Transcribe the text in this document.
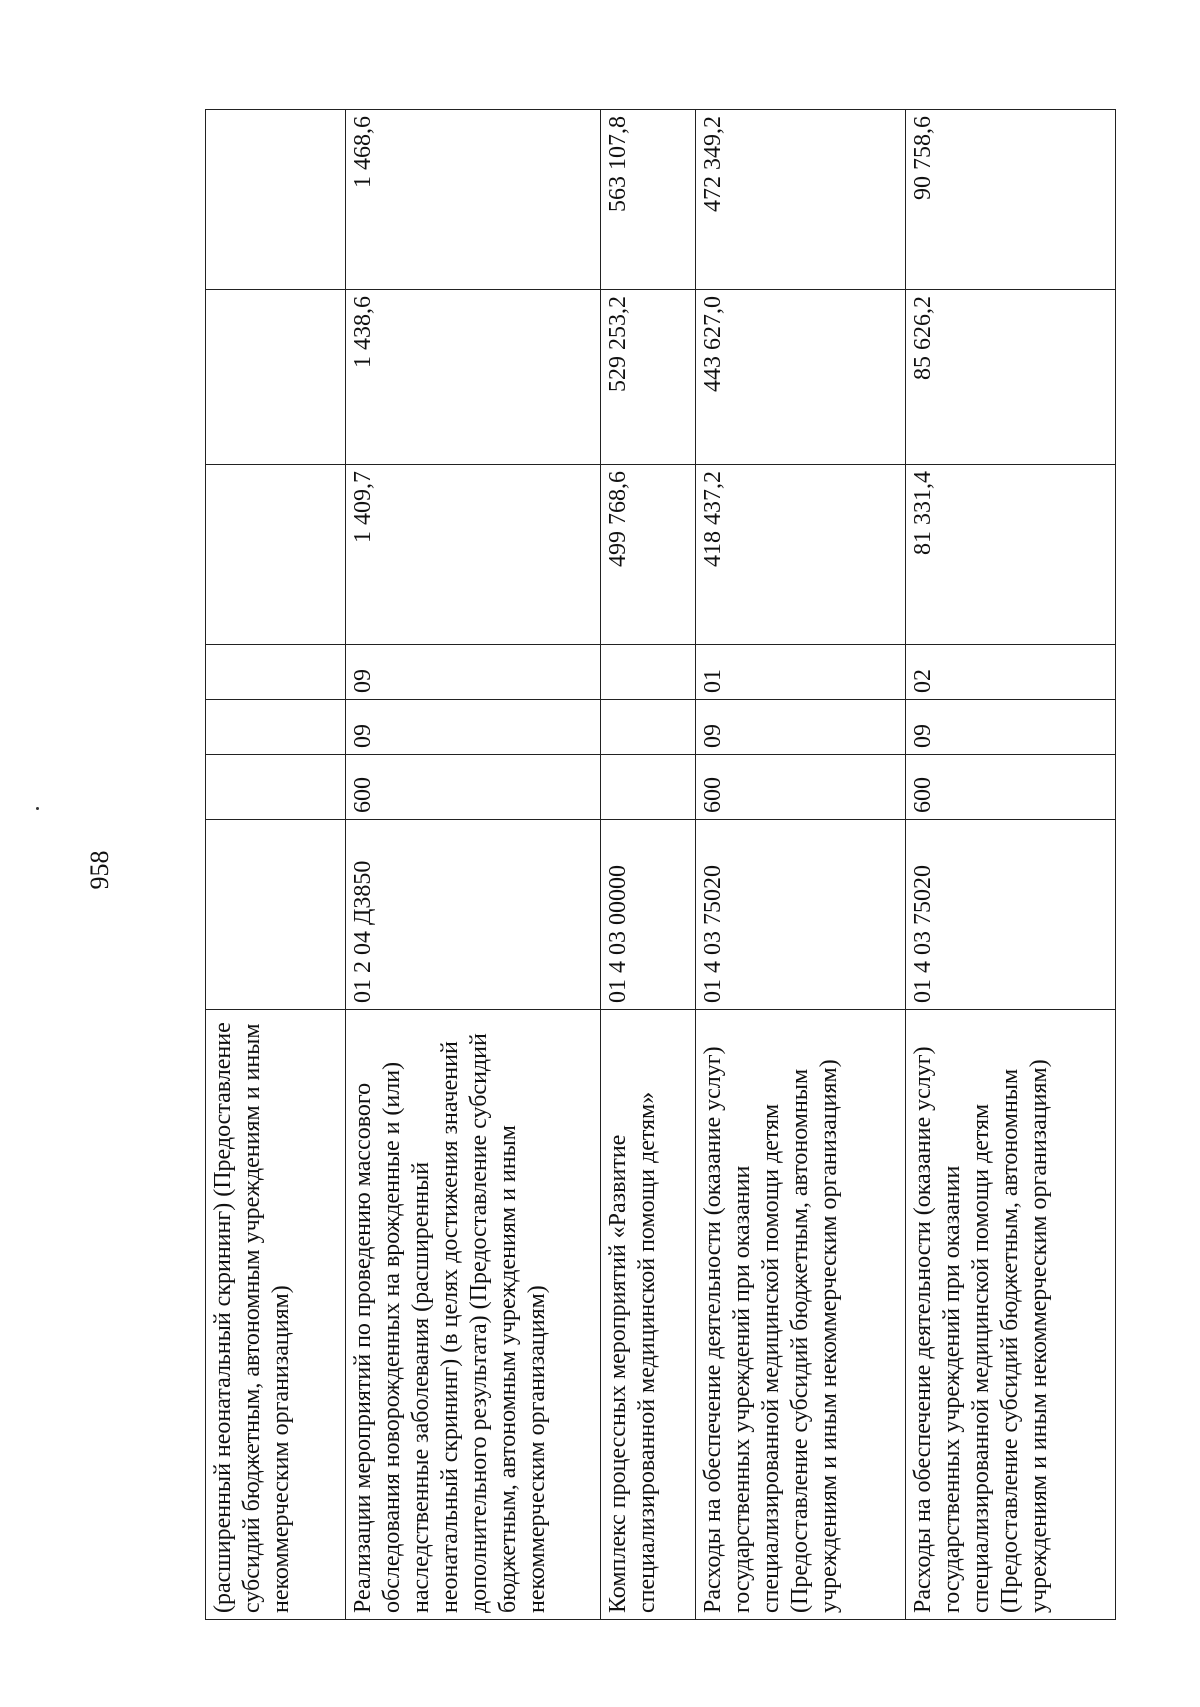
958
(расширенный неонатальный скрининг) (Предоставление субсидий бюджетным, автономным учреждениям и иным некоммерческим организациям)							
Реализации мероприятий по проведению массового обследования новорожденных на врожденные и (или) наследственные заболевания (расширенный неонатальный скрининг) (в целях достижения значений дополнительного результата) (Предоставление субсидий бюджетным, автономным учреждениям и иным некоммерческим организациям)	01 2 04 Д3850	600	09	09	1 409,7	1 438,6	1 468,6
Комплекс процессных мероприятий «Развитие специализированной медицинской помощи детям»	01 4 03 00000				499 768,6	529 253,2	563 107,8
Расходы на обеспечение деятельности (оказание услуг) государственных учреждений при оказании специализированной медицинской помощи детям (Предоставление субсидий бюджетным, автономным учреждениям и иным некоммерческим организациям)	01 4 03 75020	600	09	01	418 437,2	443 627,0	472 349,2
Расходы на обеспечение деятельности (оказание услуг) государственных учреждений при оказании специализированной медицинской помощи детям (Предоставление субсидий бюджетным, автономным учреждениям и иным некоммерческим организациям)	01 4 03 75020	600	09	02	81 331,4	85 626,2	90 758,6
